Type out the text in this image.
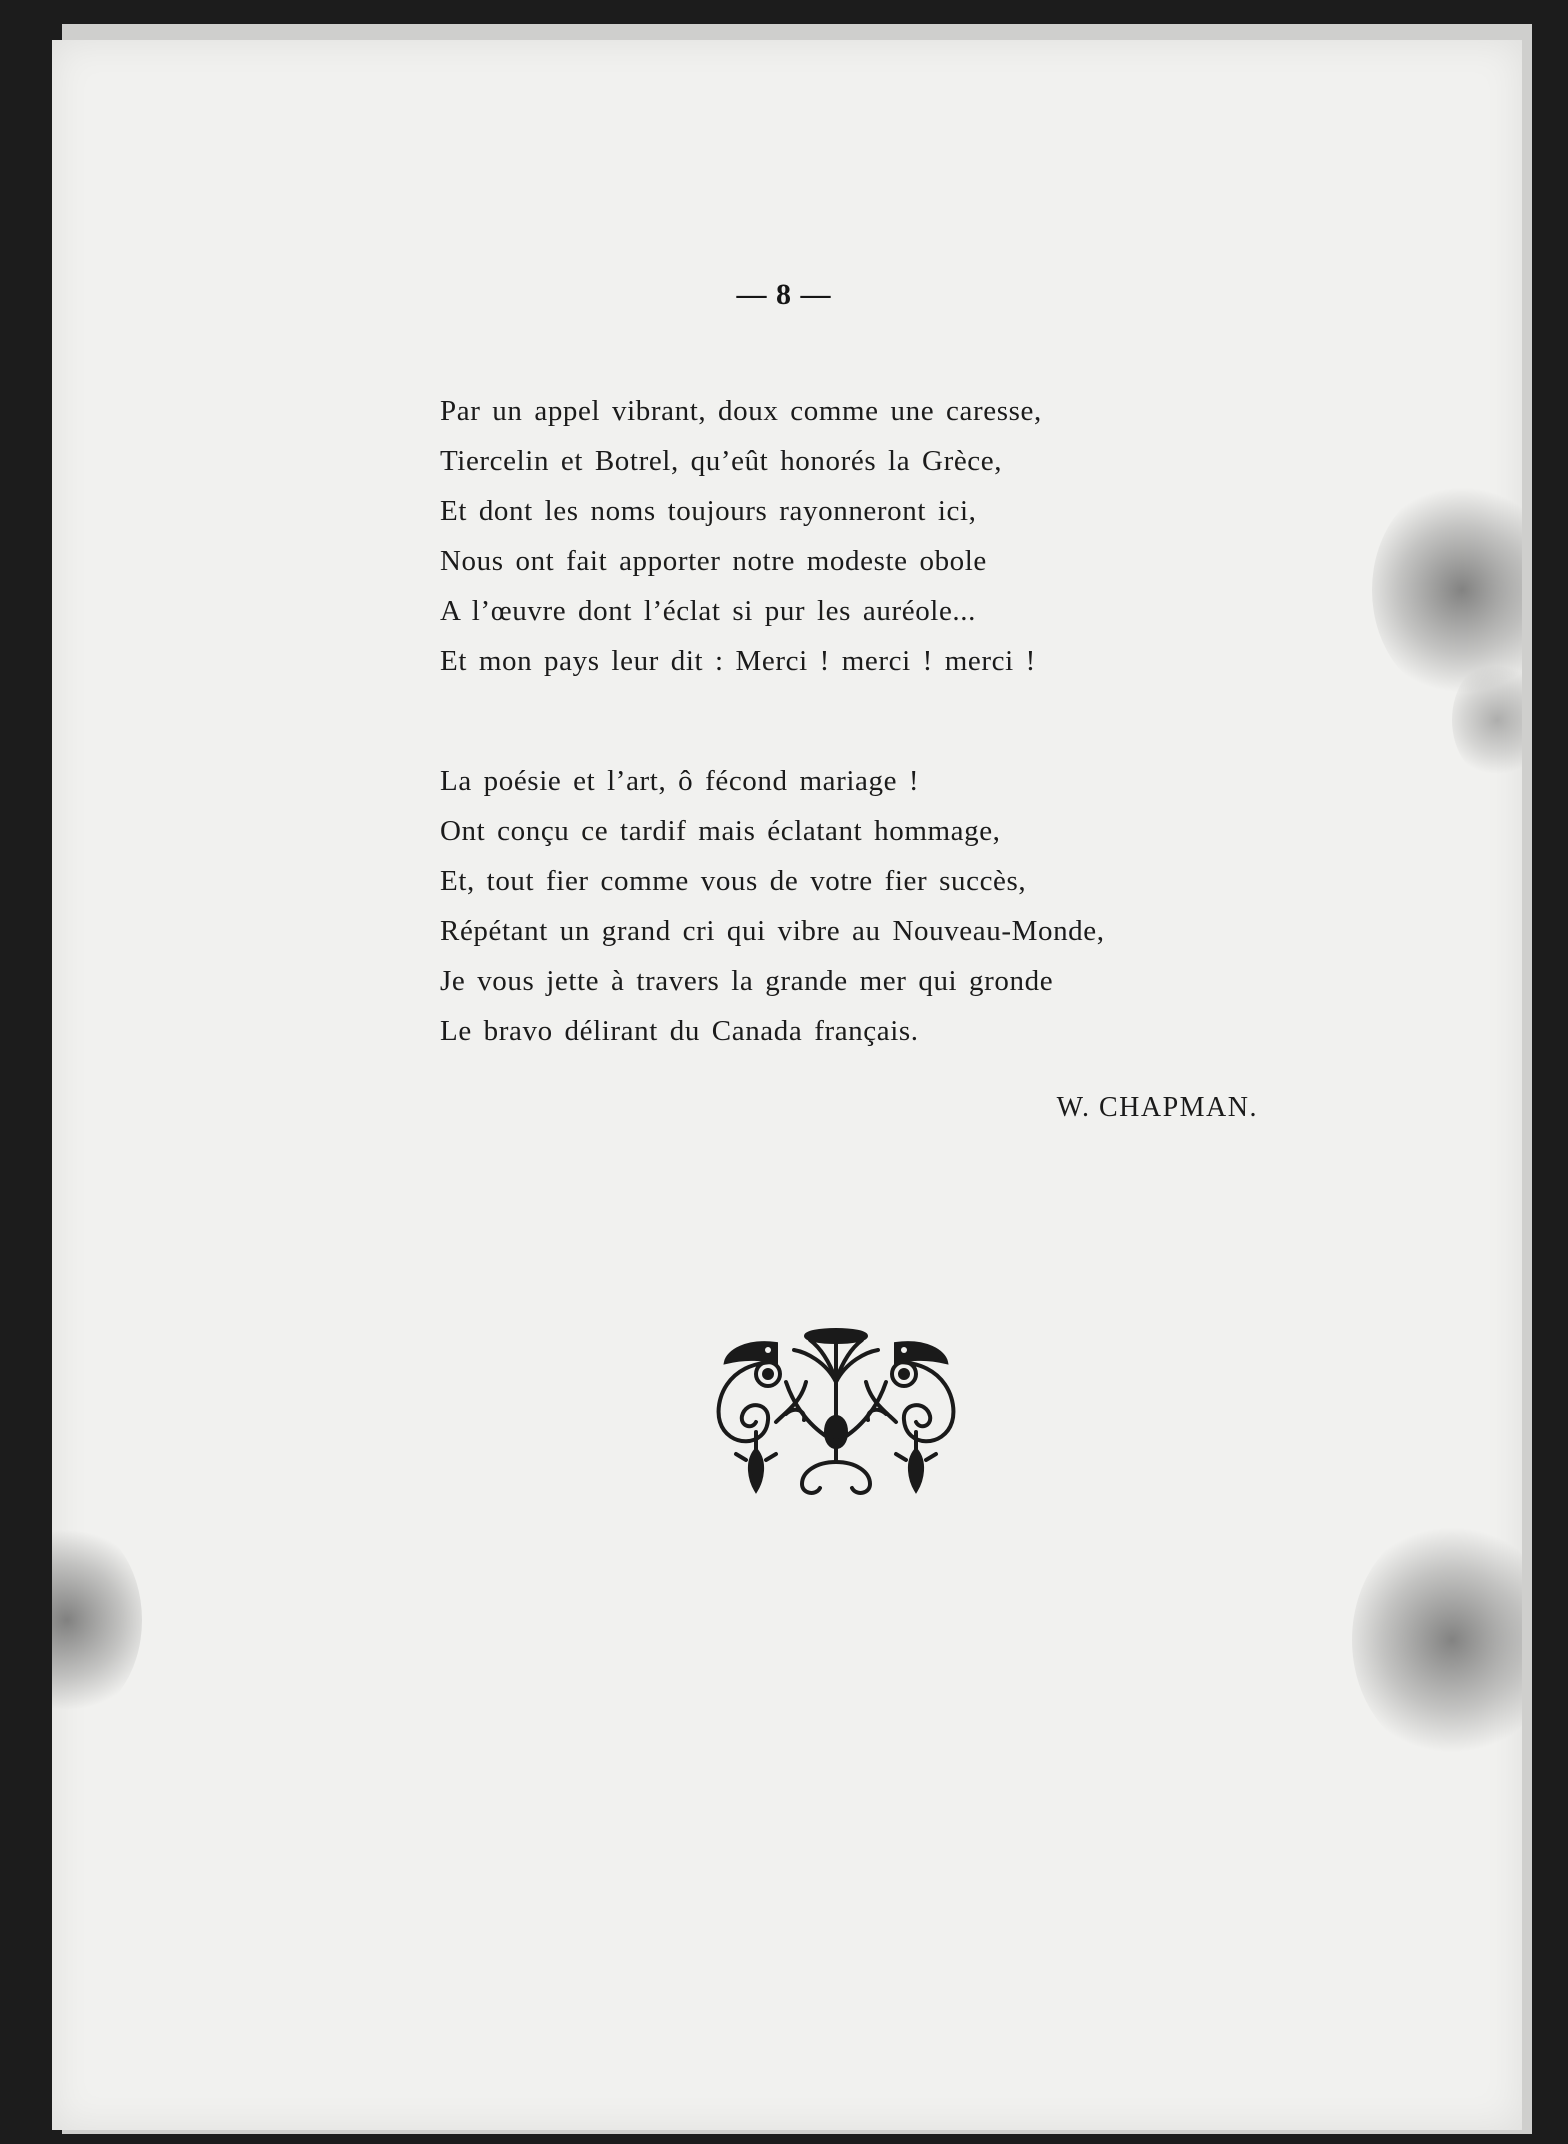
— 8 —
Par un appel vibrant, doux comme une caresse,
Tiercelin et Botrel, qu’eût honorés la Grèce,
Et dont les noms toujours rayonneront ici,
Nous ont fait apporter notre modeste obole
A l’œuvre dont l’éclat si pur les auréole...
Et mon pays leur dit : Merci ! merci ! merci !
La poésie et l’art, ô fécond mariage !
Ont conçu ce tardif mais éclatant hommage,
Et, tout fier comme vous de votre fier succès,
Répétant un grand cri qui vibre au Nouveau-Monde,
Je vous jette à travers la grande mer qui gronde
Le bravo délirant du Canada français.
W. CHAPMAN.
